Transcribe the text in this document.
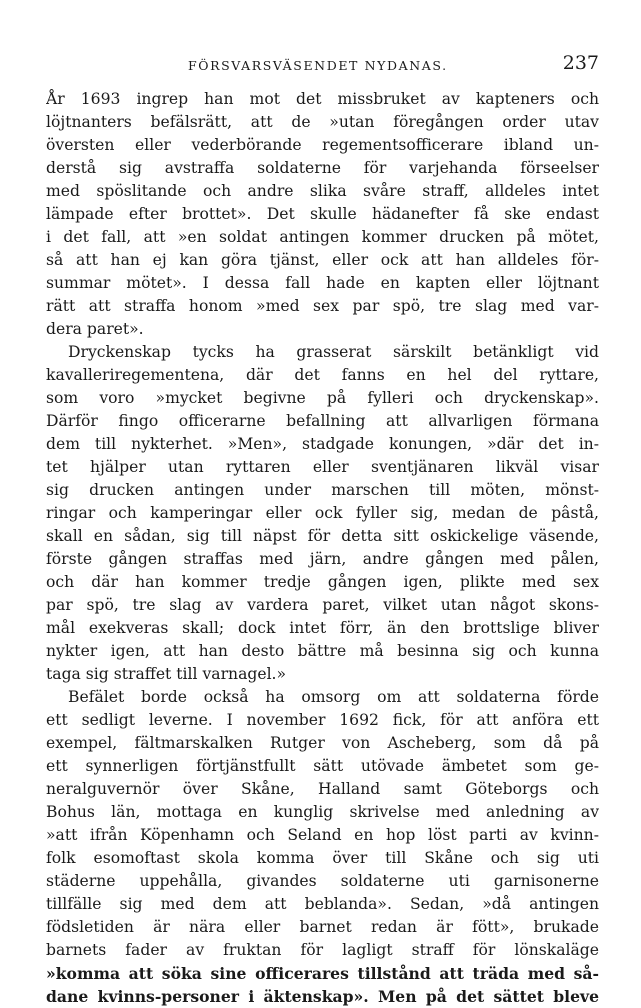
FÖRSVARSVÄSENDET NYDANAS.	237
År 1693 ingrep han mot det missbruket av kapteners och
löjtnanters befälsrätt, att de »utan föregången order utav
översten eller vederbörande regementsofficerare ibland un-
derstå sig avstraffa soldaterne för varjehanda förseelser
med spöslitande och andre slika svåre straff, alldeles intet
lämpade efter brottet». Det skulle hädanefter få ske endast
i det fall, att »en soldat antingen kommer drucken på mötet,
så att han ej kan göra tjänst, eller ock att han alldeles för-
summar mötet». I dessa fall hade en kapten eller löjtnant
rätt att straffa honom »med sex par spö, tre slag med var-
dera paret».
Dryckenskap tycks ha grasserat särskilt betänkligt vid
kavalleriregementena, där det fanns en hel del ryttare,
som voro »mycket begivne på fylleri och dryckenskap».
Därför fingo officerarne befallning att allvarligen förmana
dem till nykterhet. »Men», stadgade konungen, »där det in-
tet hjälper utan ryttaren eller sventjänaren likväl visar
sig drucken antingen under marschen till möten, mönst-
ringar och kamperingar eller ock fyller sig, medan de pâstå,
skall en sådan, sig till näpst för detta sitt oskickelige väsende,
förste gången straffas med järn, andre gången med pålen,
och där han kommer tredje gången igen, plikte med sex
par spö, tre slag av vardera paret, vilket utan något skons-
mål exekveras skall; dock intet förr, än den brottslige bliver
nykter igen, att han desto bättre må besinna sig och kunna
taga sig straffet till varnagel.»
Befälet borde också ha omsorg om att soldaterna förde
ett sedligt leverne. I november 1692 fick, för att anföra ett
exempel, fältmarskalken Rutger von Ascheberg, som då på
ett synnerligen förtjänstfullt sätt utövade ämbetet som ge-
neralguvernör över Skåne, Halland samt Göteborgs och
Bohus län, mottaga en kunglig skrivelse med anledning av
»att ifrån Köpenhamn och Seland en hop löst parti av kvinn-
folk esomoftast skola komma över till Skåne och sig uti
städerne uppehålla, givandes soldaterne uti garnisonerne
tillfälle sig med dem att beblanda». Sedan, »då antingen
födsletiden är nära eller barnet redan är fött», brukade
barnets fader av fruktan för lagligt straff för lönskaläge
»komma att söka sine officerares tillstånd att träda med så-
dane kvinns-personer i äktenskap». Men på det sättet bleve
